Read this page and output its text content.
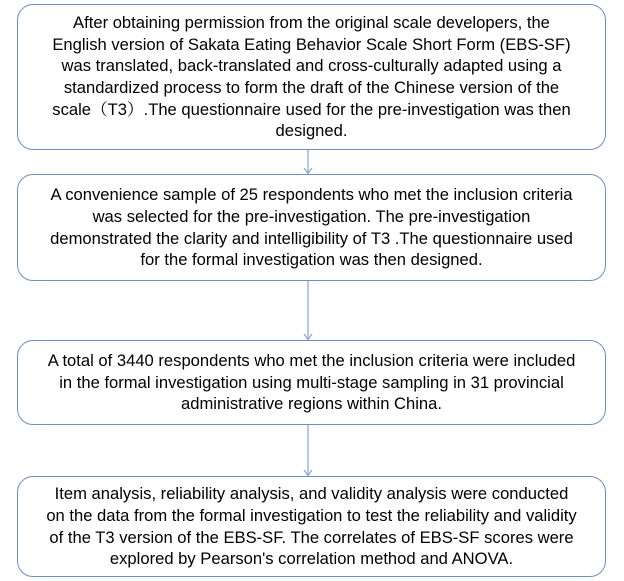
After obtaining permission from the original scale developers, the
English version of Sakata Eating Behavior Scale Short Form (EBS-SF)
was translated, back-translated and cross-culturally adapted using a
standardized process to form the draft of the Chinese version of the
scale（T3）.The questionnaire used for the pre-investigation was then
designed.
A convenience sample of 25 respondents who met the inclusion criteria
was selected for the pre-investigation. The pre-investigation
demonstrated the clarity and intelligibility of T3 .The questionnaire used
for the formal investigation was then designed.
A total of 3440 respondents who met the inclusion criteria were included
in the formal investigation using multi-stage sampling in 31 provincial
administrative regions within China.
Item analysis, reliability analysis, and validity analysis were conducted
on the data from the formal investigation to test the reliability and validity
of the T3 version of the EBS-SF. The correlates of EBS-SF scores were
explored by Pearson's correlation method and ANOVA.
